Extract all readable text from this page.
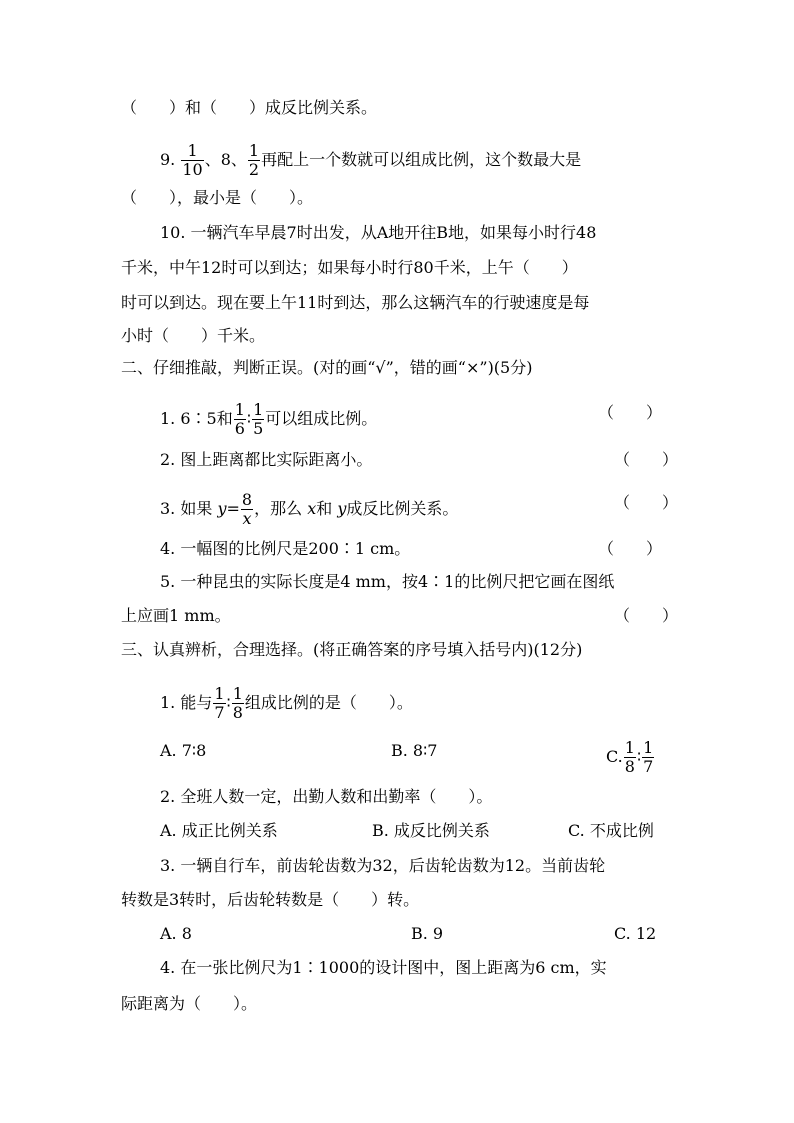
（　　）和（　　）成反比例关系。
9. $\frac{1}{10}$ 、8、 $\frac{1}{2}$ 再配上一个数就可以组成比例，这个数最大是
（　　），最小是（　　）。
10. 一辆汽车早晨7时出发，从A地开往B地，如果每小时行48
千米，中午12时可以到达；如果每小时行80千米，上午（　　）
时可以到达。现在要上午11时到达，那么这辆汽车的行驶速度是每
小时（　　）千米。
二、仔细推敲，判断正误。(对的画“√”，错的画“×”)(5分)
1. 6∶5和 $\frac{1}{6}$ ∶ $\frac{1}{5}$ 可以组成比例。	（　　）
2. 图上距离都比实际距离小。	（　　）
3. 如果 $y= \frac{8}{x}$ ，那么 x和 y成反比例关系。	（　　）
4. 一幅图的比例尺是200∶1 cm。	（　　）
5. 一种昆虫的实际长度是4 mm，按4∶1的比例尺把它画在图纸
上应画1 mm。	（　　）
三、认真辨析，合理选择。(将正确答案的序号填入括号内)(12分)
1. 能与 $\frac{1}{7}$ ∶ $\frac{1}{8}$ 组成比例的是（　　）。
A. 7∶8	B. 8∶7	C. $\frac{1}{8}$ ∶ $\frac{1}{7}$
2. 全班人数一定，出勤人数和出勤率（　　）。
A. 成正比例关系	B. 成反比例关系	C. 不成比例
3. 一辆自行车，前齿轮齿数为32，后齿轮齿数为12。当前齿轮
转数是3转时，后齿轮转数是（　　）转。
A. 8	B. 9	C. 12
4. 在一张比例尺为1∶1000的设计图中，图上距离为6 cm，实
际距离为（　　）。
